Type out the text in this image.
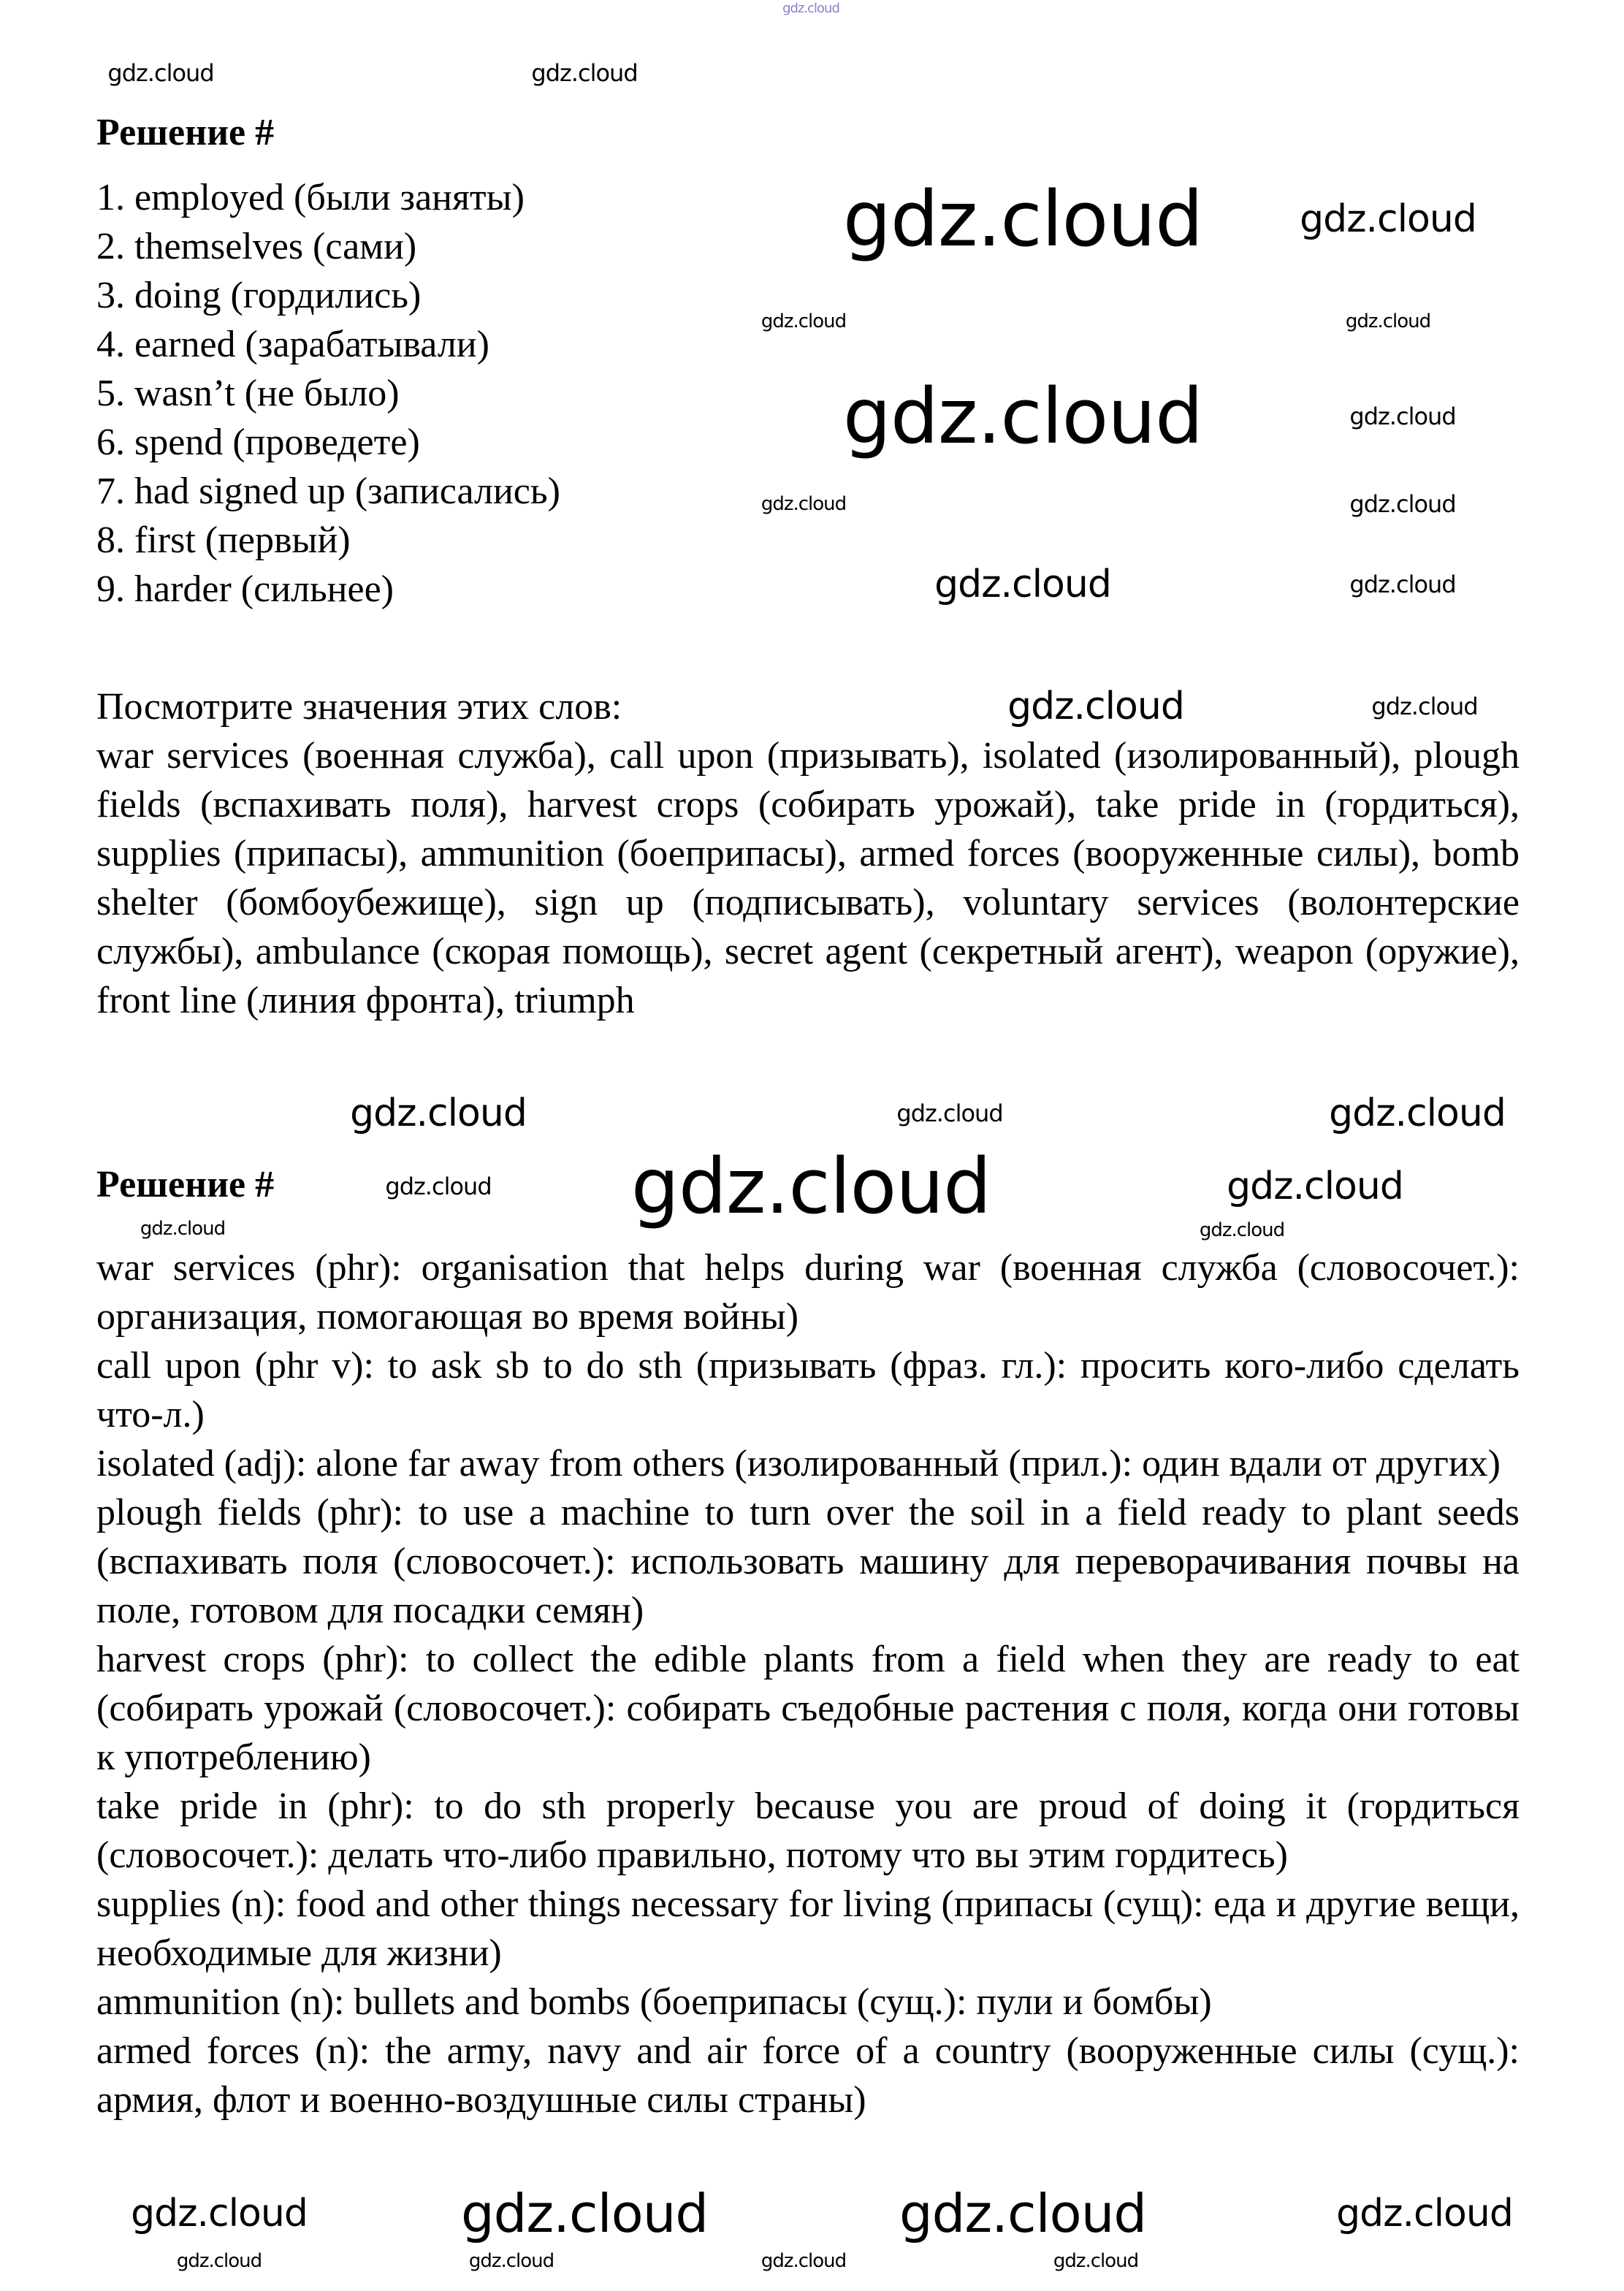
Решение #
1. employed (были заняты)
2. themselves (сами)
3. doing (гордились)
4. earned (зарабатывали)
5. wasn’t (не было)
6. spend (проведете)
7. had signed up (записались)
8. first (первый)
9. harder (сильнее)
Посмотрите значения этих слов:

war services (военная служба), call upon (призывать), isolated (изолированный), plough fields (вспахивать поля), harvest crops (собирать урожай), take pride in (гордиться), supplies (припасы), ammunition (боеприпасы), armed forces (вооруженные силы), bomb shelter (бомбоубежище), sign up (подписывать), voluntary services (волонтерские службы), ambulance (скорая помощь), secret agent (секретный агент), weapon (оружие), front line (линия фронта), triumph

Решение #

war services (phr): organisation that helps during war (военная служба (словосочет.): организация, помогающая во время войны)

call upon (phr v): to ask sb to do sth (призывать (фраз. гл.): просить кого-либо сделать что-л.)

isolated (adj): alone far away from others (изолированный (прил.): один вдали от других)

plough fields (phr): to use a machine to turn over the soil in a field ready to plant seeds (вспахивать поля (словосочет.): использовать машину для переворачивания почвы на поле, готовом для посадки семян)

harvest crops (phr): to collect the edible plants from a field when they are ready to eat (собирать урожай (словосочет.): собирать съедобные растения с поля, когда они готовы к употреблению)

take pride in (phr): to do sth properly because you are proud of doing it (гордиться (словосочет.): делать что-либо правильно, потому что вы этим гордитесь)

supplies (n): food and other things necessary for living (припасы (сущ): еда и другие вещи, необходимые для жизни)

ammunition (n): bullets and bombs (боеприпасы (сущ.): пули и бомбы)

armed forces (n): the army, navy and air force of a country (вооруженные силы (сущ.): армия, флот и военно-воздушные силы страны)

gdz.cloud
gdz.cloud	gdz.cloud
gdz.cloud	gdz.cloud
gdz.cloud	gdz.cloud
gdz.cloud	gdz.cloud
gdz.cloud	gdz.cloud
gdz.cloud	gdz.cloud
gdz.cloud	gdz.cloud
gdz.cloud	gdz.cloud	gdz.cloud
gdz.cloud
gdz.cloud	gdz.cloud
gdz.cloud	gdz.cloud
gdz.cloud	gdz.cloud	gdz.cloud	gdz.cloud
gdz.cloud	gdz.cloud	gdz.cloud	gdz.cloud
